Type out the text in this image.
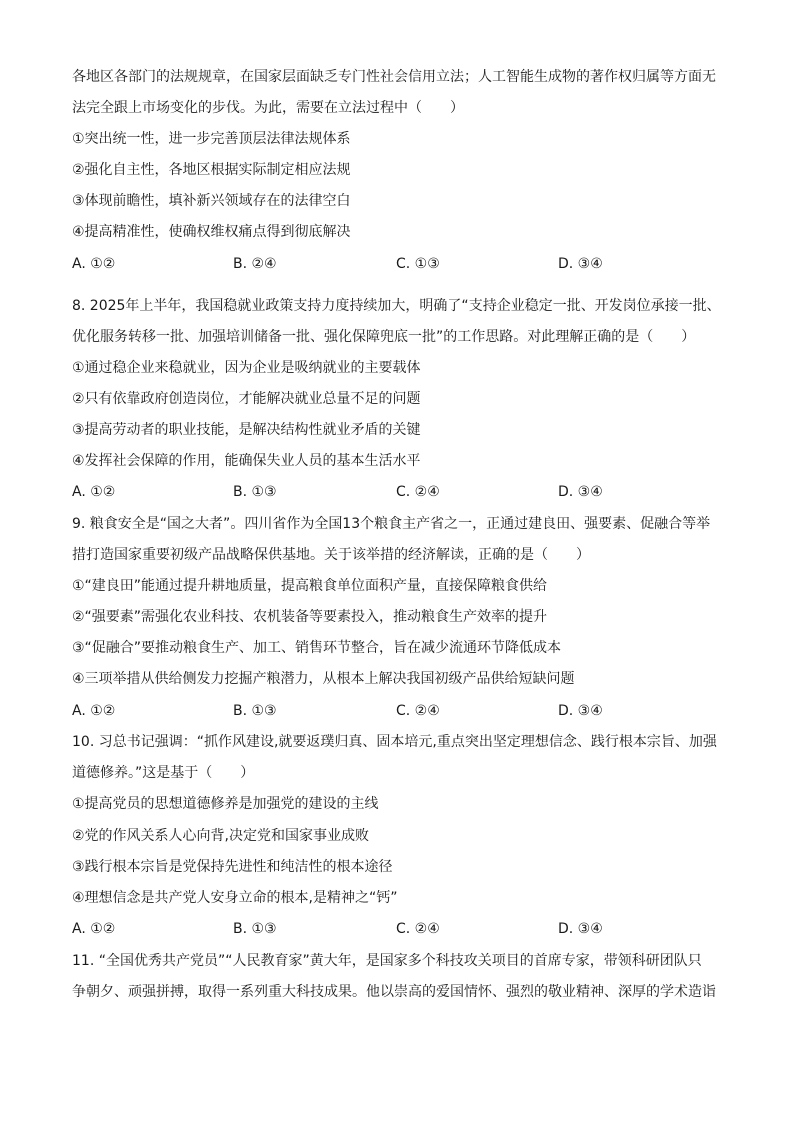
各地区各部门的法规规章，在国家层面缺乏专门性社会信用立法；人工智能生成物的著作权归属等方面无
法完全跟上市场变化的步伐。为此，需要在立法过程中（　　）
①突出统一性，进一步完善顶层法律法规体系
②强化自主性，各地区根据实际制定相应法规
③体现前瞻性，填补新兴领域存在的法律空白
④提高精准性，使确权维权痛点得到彻底解决
A. ①②	B. ②④	C. ①③	D. ③④
8. 2025年上半年，我国稳就业政策支持力度持续加大，明确了“支持企业稳定一批、开发岗位承接一批、
优化服务转移一批、加强培训储备一批、强化保障兜底一批”的工作思路。对此理解正确的是（　　）
①通过稳企业来稳就业，因为企业是吸纳就业的主要载体
②只有依靠政府创造岗位，才能解决就业总量不足的问题
③提高劳动者的职业技能，是解决结构性就业矛盾的关键
④发挥社会保障的作用，能确保失业人员的基本生活水平
A. ①②	B. ①③	C. ②④	D. ③④
9. 粮食安全是“国之大者”。四川省作为全国13个粮食主产省之一，正通过建良田、强要素、促融合等举
措打造国家重要初级产品战略保供基地。关于该举措的经济解读，正确的是（　　）
①“建良田”能通过提升耕地质量，提高粮食单位面积产量，直接保障粮食供给
②“强要素”需强化农业科技、农机装备等要素投入，推动粮食生产效率的提升
③“促融合”要推动粮食生产、加工、销售环节整合，旨在减少流通环节降低成本
④三项举措从供给侧发力挖掘产粮潜力，从根本上解决我国初级产品供给短缺问题
A. ①②	B. ①③	C. ②④	D. ③④
10. 习总书记强调：“抓作风建设,就要返璞归真、固本培元,重点突出坚定理想信念、践行根本宗旨、加强
道德修养。”这是基于（　　）
①提高党员的思想道德修养是加强党的建设的主线
②党的作风关系人心向背,决定党和国家事业成败
③践行根本宗旨是党保持先进性和纯洁性的根本途径
④理想信念是共产党人安身立命的根本,是精神之“钙”
A. ①②	B. ①③	C. ②④	D. ③④
11. “全国优秀共产党员”“人民教育家”黄大年，是国家多个科技攻关项目的首席专家，带领科研团队只
争朝夕、顽强拼搏，取得一系列重大科技成果。他以崇高的爱国情怀、强烈的敬业精神、深厚的学术造诣
